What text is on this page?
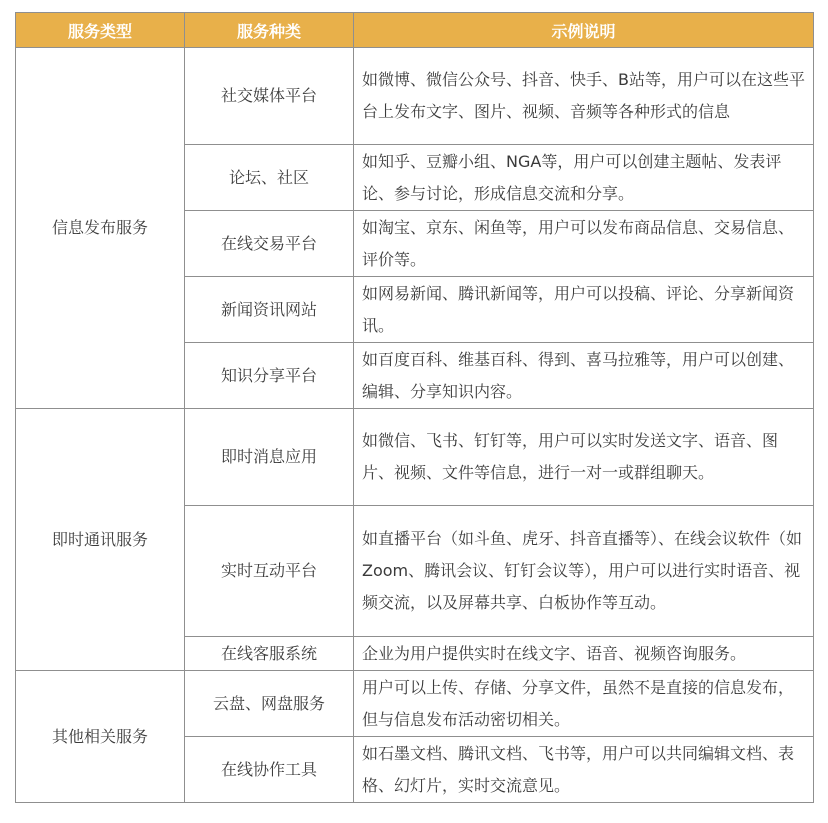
服务类型	服务种类	示例说明
信息发布服务	社交媒体平台	如微博、微信公众号、抖音、快手、B站等，用户可以在这些平台上发布文字、图片、视频、音频等各种形式的信息
	论坛、社区	如知乎、豆瓣小组、NGA等，用户可以创建主题帖、发表评论、参与讨论，形成信息交流和分享。
	在线交易平台	如淘宝、京东、闲鱼等，用户可以发布商品信息、交易信息、评价等。
	新闻资讯网站	如网易新闻、腾讯新闻等，用户可以投稿、评论、分享新闻资讯。
	知识分享平台	如百度百科、维基百科、得到、喜马拉雅等，用户可以创建、编辑、分享知识内容。
即时通讯服务	即时消息应用	如微信、飞书、钉钉等，用户可以实时发送文字、语音、图片、视频、文件等信息，进行一对一或群组聊天。
	实时互动平台	如直播平台（如斗鱼、虎牙、抖音直播等）、在线会议软件（如Zoom、腾讯会议、钉钉会议等），用户可以进行实时语音、视频交流，以及屏幕共享、白板协作等互动。
	在线客服系统	企业为用户提供实时在线文字、语音、视频咨询服务。
其他相关服务	云盘、网盘服务	用户可以上传、存储、分享文件，虽然不是直接的信息发布，但与信息发布活动密切相关。
	在线协作工具	如石墨文档、腾讯文档、飞书等，用户可以共同编辑文档、表格、幻灯片，实时交流意见。
